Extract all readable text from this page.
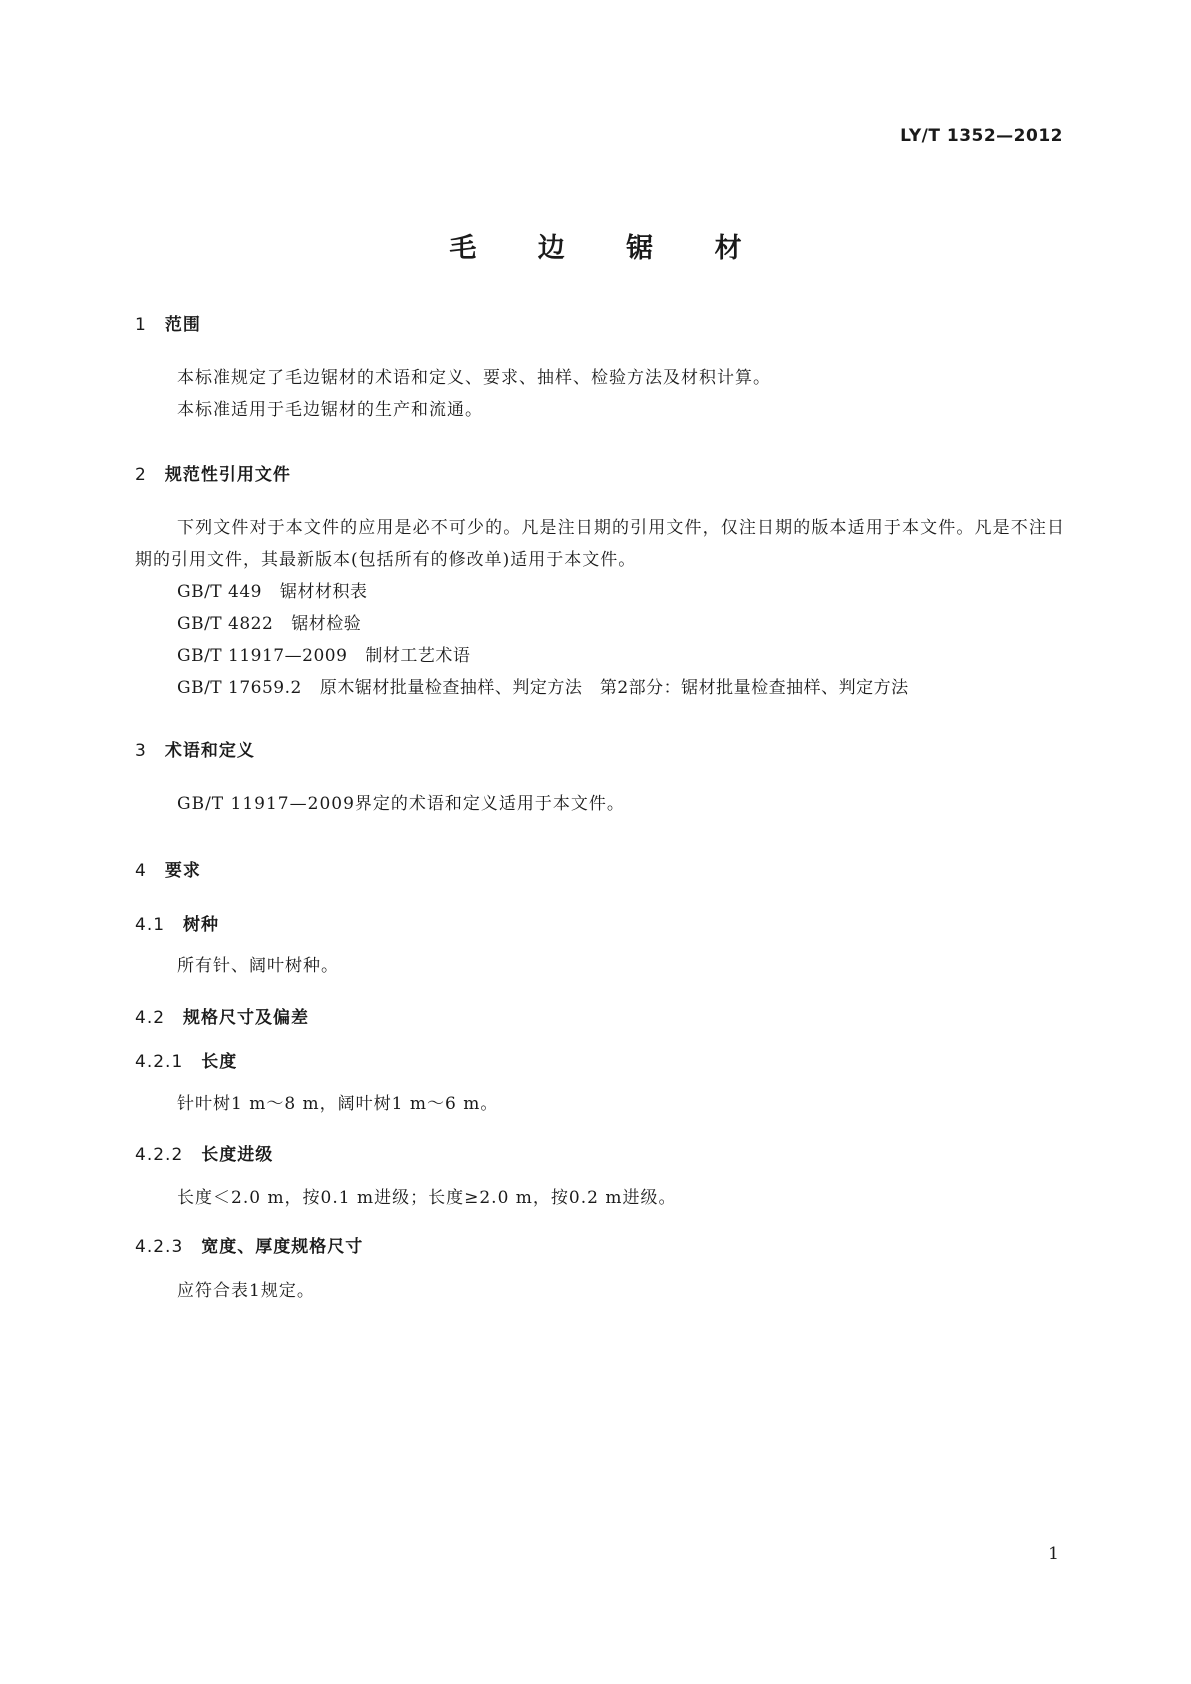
LY/T 1352—2012
毛 边 锯 材
1 范围

本标准规定了毛边锯材的术语和定义、要求、抽样、检验方法及材积计算。

本标准适用于毛边锯材的生产和流通。

2 规范性引用文件

下列文件对于本文件的应用是必不可少的。凡是注日期的引用文件，仅注日期的版本适用于本文件。凡是不注日期的引用文件，其最新版本(包括所有的修改单)适用于本文件。

GB/T 449 锯材材积表

GB/T 4822 锯材检验

GB/T 11917—2009 制材工艺术语

GB/T 17659.2 原木锯材批量检查抽样、判定方法　第2部分：锯材批量检查抽样、判定方法

3 术语和定义

GB/T 11917—2009界定的术语和定义适用于本文件。

4 要求
4.1 树种

所有针、阔叶树种。

4.2 规格尺寸及偏差
4.2.1 长度

针叶树1 m～8 m，阔叶树1 m～6 m。

4.2.2 长度进级

长度＜2.0 m，按0.1 m进级；长度≥2.0 m，按0.2 m进级。

4.2.3 宽度、厚度规格尺寸

应符合表1规定。

1
